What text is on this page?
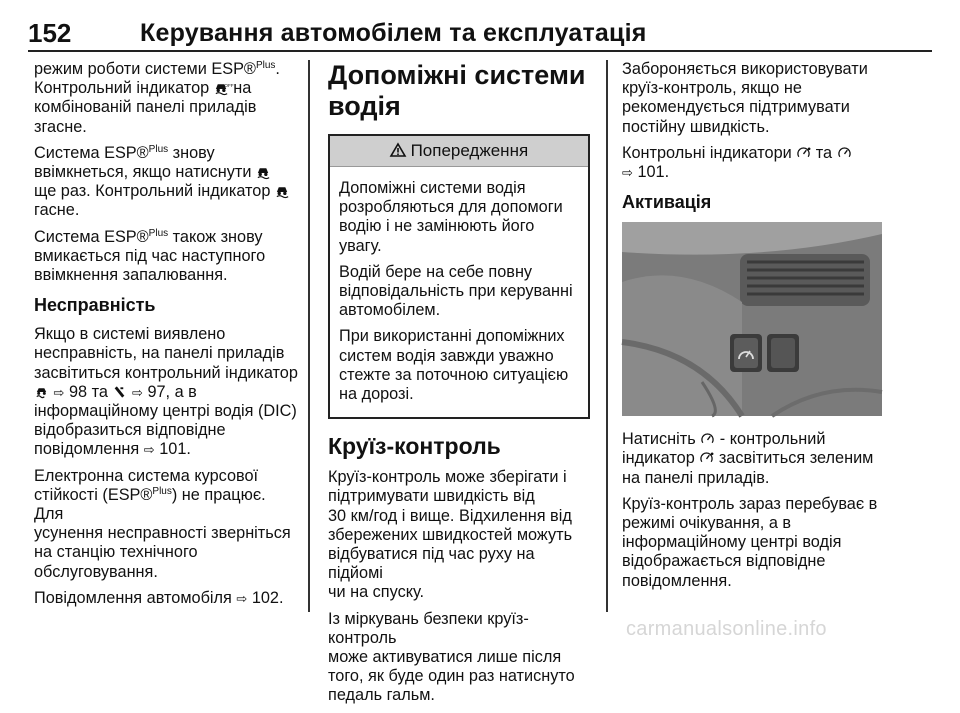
152	Керування автомобілем та експлуатація

режим роботи системи ESP®$^{Plus}$.
Контрольний індикатор	OFF на
комбінованій панелі приладів
згасне.

Система ESP®$^{Plus}$ знову
ввімкнеться, якщо натиснути
ще раз. Контрольний індикатор
гасне.

Система ESP®$^{Plus}$ також знову
вмикається під час наступного
ввімкнення запалювання.

Несправність

Якщо в системі виявлено
несправність, на панелі приладів
засвітиться контрольний індикатор
⇨ 98 та ⇨ 97, а в
інформаційному центрі водія (DIC)
відобразиться відповідне
повідомлення ⇨ 101.

Електронна система курсової
стійкості (ESP®$^{Plus}$) не працює. Для
усунення несправності зверніться
на станцію технічного
обслуговування.

Повідомлення автомобіля ⇨ 102.

Допоміжні системи
водія
Попередження

Допоміжні системи водія
розробляються для допомоги
водію і не замінюють його увагу.

Водій бере на себе повну
відповідальність при керуванні
автомобілем.

При використанні допоміжних
систем водія завжди уважно
стежте за поточною ситуацією
на дорозі.

Круїз-контроль

Круїз-контроль може зберігати і
підтримувати швидкість від
30 км/год і вище. Відхилення від
збережених швидкостей можуть
відбуватися під час руху на підйомі
чи на спуску.

Із міркувань безпеки круїз-контроль
може активуватися лише після
того, як буде один раз натиснуто
педаль гальм.

Забороняється використовувати
круїз-контроль, якщо не
рекомендується підтримувати
постійну швидкість.

Контрольні індикатори та
⇨ 101.

Активація

Натисніть - контрольний
індикатор засвітиться зеленим
на панелі приладів.

Круїз-контроль зараз перебуває в
режимі очікування, а в
інформаційному центрі водія
відображається відповідне
повідомлення.

carmanualsonline.info
